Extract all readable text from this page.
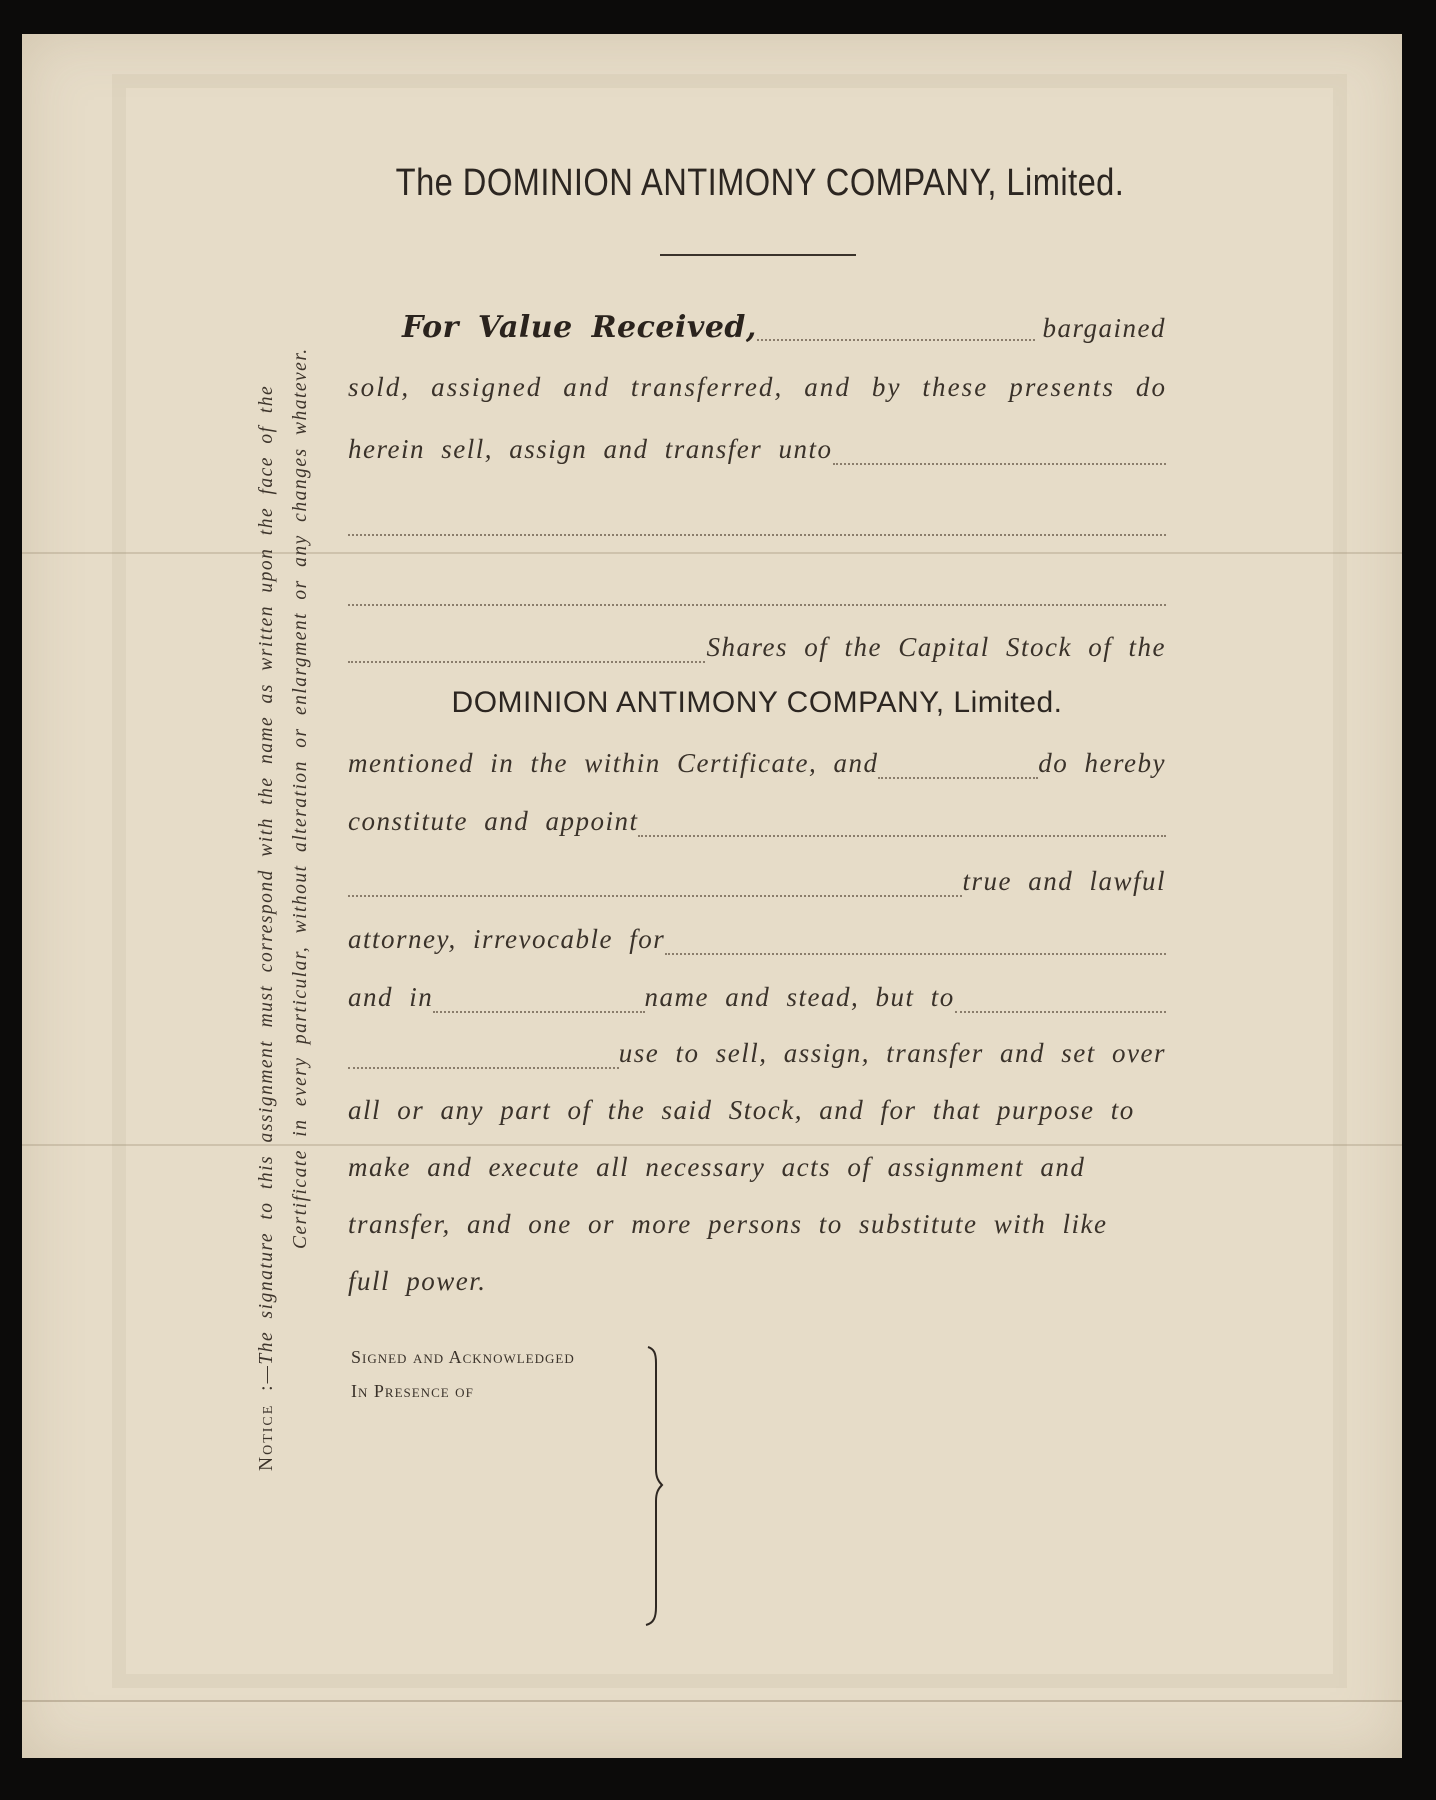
The DOMINION ANTIMONY COMPANY, Limited.
For Value Received,	bargained
sold, assigned and transferred, and by these presents do
herein sell, assign and transfer unto
Shares of the Capital Stock of the
DOMINION ANTIMONY COMPANY, Limited.
mentioned in the within Certificate, and	do hereby
constitute and appoint
true and lawful
attorney, irrevocable for
and in	name and stead, but to
use to sell, assign, transfer and set over
all or any part of the said Stock, and for that purpose to
make and execute all necessary acts of assignment and
transfer, and one or more persons to substitute with like
full power.
Signed and Acknowledged
In Presence of
Notice :—The signature to this assignment must correspond with the name as written upon the face of the Certificate in every particular, without alteration or enlargment or any changes whatever.
